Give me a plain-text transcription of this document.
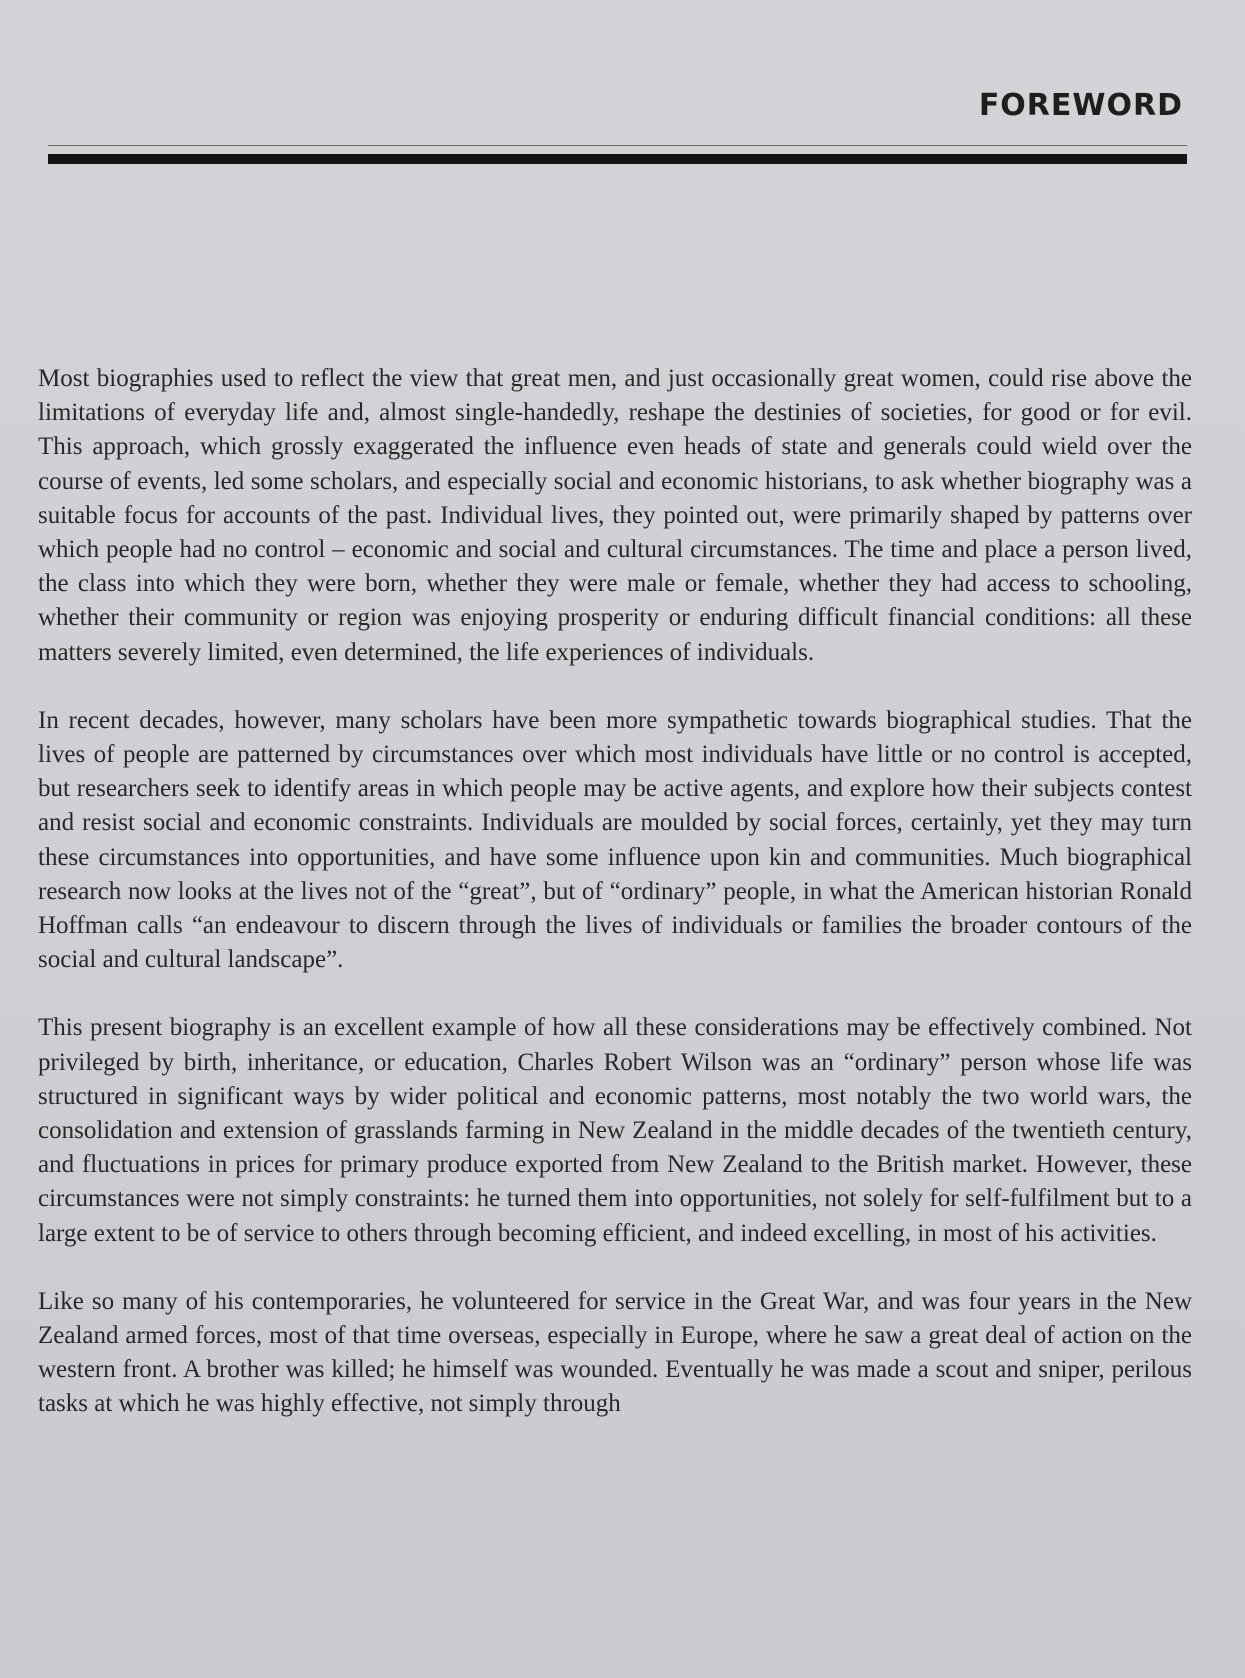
FOREWORD

Most biographies used to reflect the view that great men, and just occasionally great women, could rise above the limitations of everyday life and, almost single-handedly, reshape the destinies of societies, for good or for evil. This approach, which grossly exaggerated the influence even heads of state and generals could wield over the course of events, led some scholars, and especially social and economic historians, to ask whether biography was a suitable focus for accounts of the past. Individual lives, they pointed out, were primarily shaped by patterns over which people had no control – economic and social and cultural circumstances. The time and place a person lived, the class into which they were born, whether they were male or female, whether they had access to schooling, whether their community or region was enjoying prosperity or enduring difficult financial conditions: all these matters severely limited, even determined, the life experiences of individuals.

In recent decades, however, many scholars have been more sympathetic towards biographical studies. That the lives of people are patterned by circumstances over which most individuals have little or no control is accepted, but researchers seek to identify areas in which people may be active agents, and explore how their subjects contest and resist social and economic constraints. Individuals are moulded by social forces, certainly, yet they may turn these circumstances into opportunities, and have some influence upon kin and communities. Much biographical research now looks at the lives not of the “great”, but of “ordinary” people, in what the American historian Ronald Hoffman calls “an endeavour to discern through the lives of individuals or families the broader contours of the social and cultural landscape”.

This present biography is an excellent example of how all these considerations may be effectively combined. Not privileged by birth, inheritance, or education, Charles Robert Wilson was an “ordinary” person whose life was structured in significant ways by wider political and economic patterns, most notably the two world wars, the consolidation and extension of grasslands farming in New Zealand in the middle decades of the twentieth century, and fluctuations in prices for primary produce exported from New Zealand to the British market. However, these circumstances were not simply constraints: he turned them into opportunities, not solely for self-fulfilment but to a large extent to be of service to others through becoming efficient, and indeed excelling, in most of his activities.

Like so many of his contemporaries, he volunteered for service in the Great War, and was four years in the New Zealand armed forces, most of that time overseas, especially in Europe, where he saw a great deal of action on the western front. A brother was killed; he himself was wounded. Eventually he was made a scout and sniper, perilous tasks at which he was highly effective, not simply through
